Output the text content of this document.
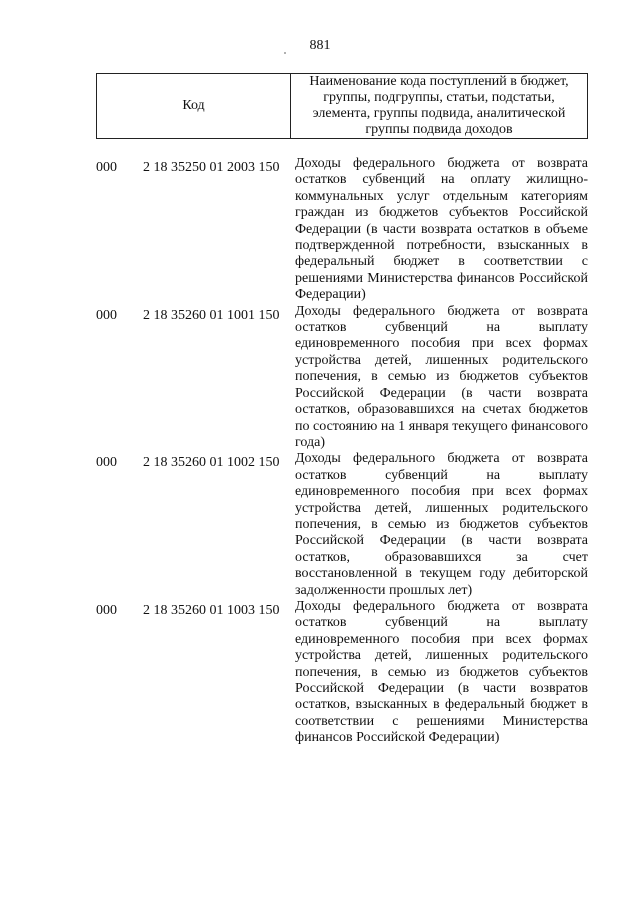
881
Код
Наименование кода поступлений в бюджет, группы, подгруппы, статьи, подстатьи, элемента, группы подвида, аналитической группы подвида доходов
000	2 18 35250 01 2003 150	Доходы федерального бюджета от возврата остатков субвенций на оплату жилищно-коммунальных услуг отдельным категориям граждан из бюджетов субъектов Российской Федерации (в части возврата остатков в объеме подтвержденной потребности, взысканных в федеральный бюджет в соответствии с решениями Министерства финансов Российской Федерации)
000	2 18 35260 01 1001 150	Доходы федерального бюджета от возврата остатков субвенций на выплату единовременного пособия при всех формах устройства детей, лишенных родительского попечения, в семью из бюджетов субъектов Российской Федерации (в части возврата остатков, образовавшихся на счетах бюджетов по состоянию на 1 января текущего финансового года)
000	2 18 35260 01 1002 150	Доходы федерального бюджета от возврата остатков субвенций на выплату единовременного пособия при всех формах устройства детей, лишенных родительского попечения, в семью из бюджетов субъектов Российской Федерации (в части возврата остатков, образовавшихся за счет восстановленной в текущем году дебиторской задолженности прошлых лет)
000	2 18 35260 01 1003 150	Доходы федерального бюджета от возврата остатков субвенций на выплату единовременного пособия при всех формах устройства детей, лишенных родительского попечения, в семью из бюджетов субъектов Российской Федерации (в части возвратов остатков, взысканных в федеральный бюджет в соответствии с решениями Министерства финансов Российской Федерации)
